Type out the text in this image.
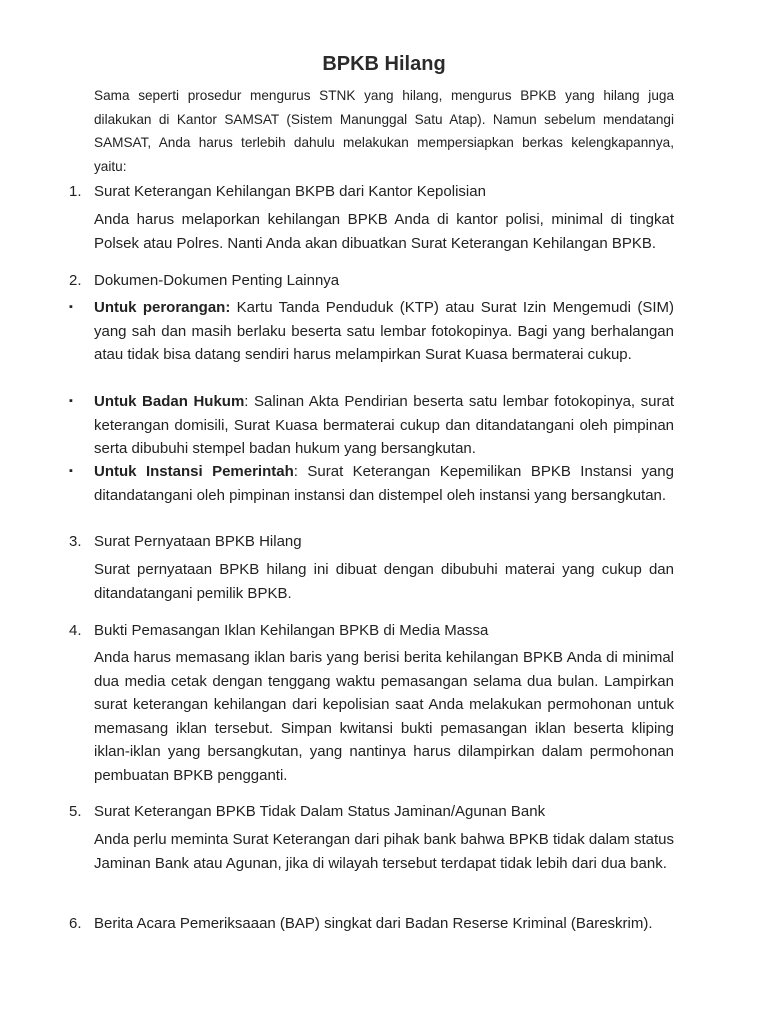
BPKB Hilang

Sama seperti prosedur mengurus STNK yang hilang, mengurus BPKB yang hilang juga dilakukan di Kantor SAMSAT (Sistem Manunggal Satu Atap). Namun sebelum mendatangi SAMSAT, Anda harus terlebih dahulu melakukan mempersiapkan berkas kelengkapannya, yaitu:

1. Surat Keterangan Kehilangan BKPB dari Kantor Kepolisian

Anda harus melaporkan kehilangan BPKB Anda di kantor polisi, minimal di tingkat Polsek atau Polres. Nanti Anda akan dibuatkan Surat Keterangan Kehilangan BPKB.

2. Dokumen-Dokumen Penting Lainnya
▪ Untuk perorangan: Kartu Tanda Penduduk (KTP) atau Surat Izin Mengemudi (SIM) yang sah dan masih berlaku beserta satu lembar fotokopinya. Bagi yang berhalangan atau tidak bisa datang sendiri harus melampirkan Surat Kuasa bermaterai cukup.

▪ Untuk Badan Hukum: Salinan Akta Pendirian beserta satu lembar fotokopinya, surat keterangan domisili, Surat Kuasa bermaterai cukup dan ditandatangani oleh pimpinan serta dibubuhi stempel badan hukum yang bersangkutan.

▪ Untuk Instansi Pemerintah: Surat Keterangan Kepemilikan BPKB Instansi yang ditandatangani oleh pimpinan instansi dan distempel oleh instansi yang bersangkutan.

3. Surat Pernyataan BPKB Hilang

Surat pernyataan BPKB hilang ini dibuat dengan dibubuhi materai yang cukup dan ditandatangani pemilik BPKB.

4. Bukti Pemasangan Iklan Kehilangan BPKB di Media Massa

Anda harus memasang iklan baris yang berisi berita kehilangan BPKB Anda di minimal dua media cetak dengan tenggang waktu pemasangan selama dua bulan. Lampirkan surat keterangan kehilangan dari kepolisian saat Anda melakukan permohonan untuk memasang iklan tersebut. Simpan kwitansi bukti pemasangan iklan beserta kliping iklan-iklan yang bersangkutan, yang nantinya harus dilampirkan dalam permohonan pembuatan BPKB pengganti.

5. Surat Keterangan BPKB Tidak Dalam Status Jaminan/Agunan Bank

Anda perlu meminta Surat Keterangan dari pihak bank bahwa BPKB tidak dalam status Jaminan Bank atau Agunan, jika di wilayah tersebut terdapat tidak lebih dari dua bank.

6. Berita Acara Pemeriksaaan (BAP) singkat dari Badan Reserse Kriminal (Bareskrim).
